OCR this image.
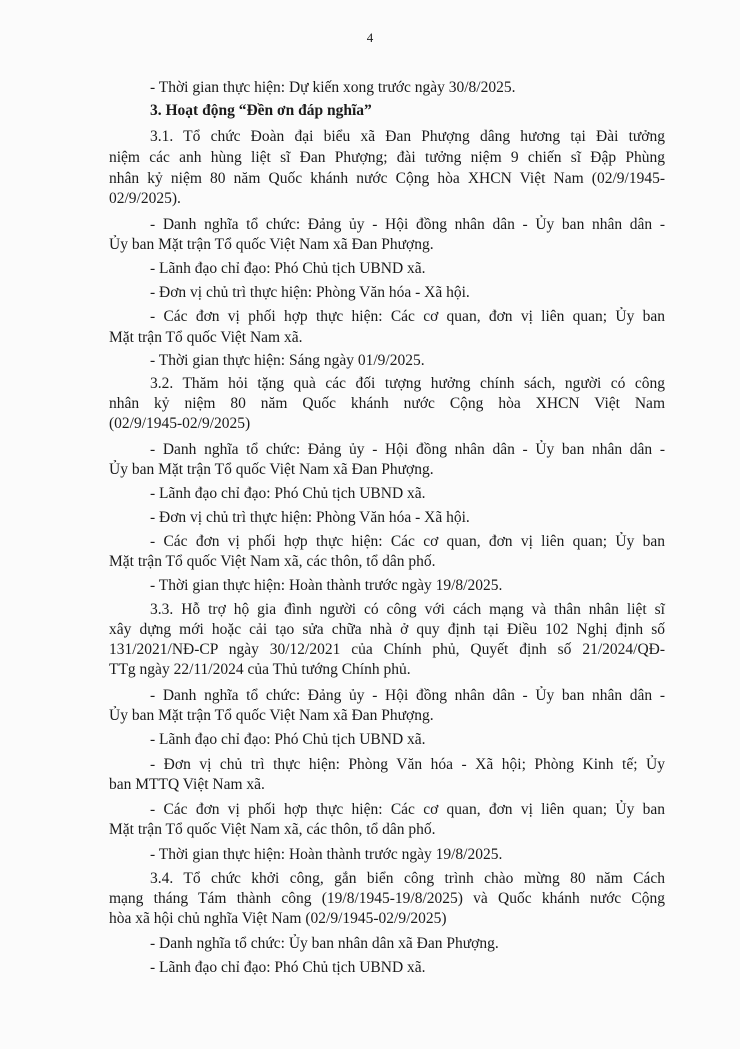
4
- Thời gian thực hiện: Dự kiến xong trước ngày 30/8/2025.
3. Hoạt động “Đền ơn đáp nghĩa”
3.1. Tổ chức Đoàn đại biểu xã Đan Phượng dâng hương tại Đài tưởng
niệm các anh hùng liệt sĩ Đan Phượng; đài tưởng niệm 9 chiến sĩ Đập Phùng
nhân kỷ niệm 80 năm Quốc khánh nước Cộng hòa XHCN Việt Nam (02/9/1945-
02/9/2025).
- Danh nghĩa tổ chức: Đảng ủy - Hội đồng nhân dân - Ủy ban nhân dân -
Ủy ban Mặt trận Tổ quốc Việt Nam xã Đan Phượng.
- Lãnh đạo chỉ đạo: Phó Chủ tịch UBND xã.
- Đơn vị chủ trì thực hiện: Phòng Văn hóa - Xã hội.
- Các đơn vị phối hợp thực hiện: Các cơ quan, đơn vị liên quan; Ủy ban
Mặt trận Tổ quốc Việt Nam xã.
- Thời gian thực hiện: Sáng ngày 01/9/2025.
3.2. Thăm hỏi tặng quà các đối tượng hưởng chính sách, người có công
nhân kỷ niệm 80 năm Quốc khánh nước Cộng hòa XHCN Việt Nam
(02/9/1945-02/9/2025)
- Danh nghĩa tổ chức: Đảng ủy - Hội đồng nhân dân - Ủy ban nhân dân -
Ủy ban Mặt trận Tổ quốc Việt Nam xã Đan Phượng.
- Lãnh đạo chỉ đạo: Phó Chủ tịch UBND xã.
- Đơn vị chủ trì thực hiện: Phòng Văn hóa - Xã hội.
- Các đơn vị phối hợp thực hiện: Các cơ quan, đơn vị liên quan; Ủy ban
Mặt trận Tổ quốc Việt Nam xã, các thôn, tổ dân phố.
- Thời gian thực hiện: Hoàn thành trước ngày 19/8/2025.
3.3. Hỗ trợ hộ gia đình người có công với cách mạng và thân nhân liệt sĩ
xây dựng mới hoặc cải tạo sửa chữa nhà ở quy định tại Điều 102 Nghị định số
131/2021/NĐ-CP ngày 30/12/2021 của Chính phủ, Quyết định số 21/2024/QĐ-
TTg ngày 22/11/2024 của Thủ tướng Chính phủ.
- Danh nghĩa tổ chức: Đảng ủy - Hội đồng nhân dân - Ủy ban nhân dân -
Ủy ban Mặt trận Tổ quốc Việt Nam xã Đan Phượng.
- Lãnh đạo chỉ đạo: Phó Chủ tịch UBND xã.
- Đơn vị chủ trì thực hiện: Phòng Văn hóa - Xã hội; Phòng Kinh tế; Ủy
ban MTTQ Việt Nam xã.
- Các đơn vị phối hợp thực hiện: Các cơ quan, đơn vị liên quan; Ủy ban
Mặt trận Tổ quốc Việt Nam xã, các thôn, tổ dân phố.
- Thời gian thực hiện: Hoàn thành trước ngày 19/8/2025.
3.4. Tổ chức khởi công, gắn biển công trình chào mừng 80 năm Cách
mạng tháng Tám thành công (19/8/1945-19/8/2025) và Quốc khánh nước Cộng
hòa xã hội chủ nghĩa Việt Nam (02/9/1945-02/9/2025)
- Danh nghĩa tổ chức: Ủy ban nhân dân xã Đan Phượng.
- Lãnh đạo chỉ đạo: Phó Chủ tịch UBND xã.
